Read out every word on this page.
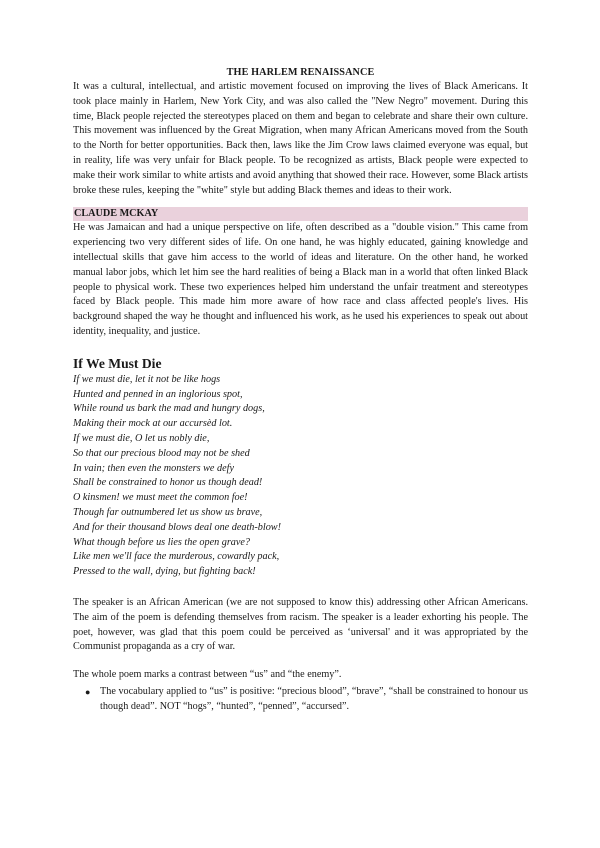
THE HARLEM RENAISSANCE

It was a cultural, intellectual, and artistic movement focused on improving the lives of Black Americans. It took place mainly in Harlem, New York City, and was also called the "New Negro" movement. During this time, Black people rejected the stereotypes placed on them and began to celebrate and share their own culture. This movement was influenced by the Great Migration, when many African Americans moved from the South to the North for better opportunities. Back then, laws like the Jim Crow laws claimed everyone was equal, but in reality, life was very unfair for Black people. To be recognized as artists, Black people were expected to make their work similar to white artists and avoid anything that showed their race. However, some Black artists broke these rules, keeping the "white" style but adding Black themes and ideas to their work.

CLAUDE MCKAY

He was Jamaican and had a unique perspective on life, often described as a "double vision." This came from experiencing two very different sides of life. On one hand, he was highly educated, gaining knowledge and intellectual skills that gave him access to the world of ideas and literature. On the other hand, he worked manual labor jobs, which let him see the hard realities of being a Black man in a world that often linked Black people to physical work. These two experiences helped him understand the unfair treatment and stereotypes faced by Black people. This made him more aware of how race and class affected people's lives. His background shaped the way he thought and influenced his work, as he used his experiences to speak out about identity, inequality, and justice.

If We Must Die
If we must die, let it not be like hogs
Hunted and penned in an inglorious spot,
While round us bark the mad and hungry dogs,
Making their mock at our accursèd lot.
If we must die, O let us nobly die,
So that our precious blood may not be shed
In vain; then even the monsters we defy
Shall be constrained to honor us though dead!
O kinsmen! we must meet the common foe!
Though far outnumbered let us show us brave,
And for their thousand blows deal one death-blow!
What though before us lies the open grave?
Like men we'll face the murderous, cowardly pack,
Pressed to the wall, dying, but fighting back!

The speaker is an African American (we are not supposed to know this) addressing other African Americans. The aim of the poem is defending themselves from racism. The speaker is a leader exhorting his people. The poet, however, was glad that this poem could be perceived as ‘universal' and it was appropriated by the Communist propaganda as a cry of war.

The whole poem marks a contrast between “us” and “the enemy”.

● The vocabulary applied to “us” is positive: “precious blood”, “brave”, “shall be constrained to honour us though dead”. NOT “hogs”, “hunted”, “penned”, “accursed”.
